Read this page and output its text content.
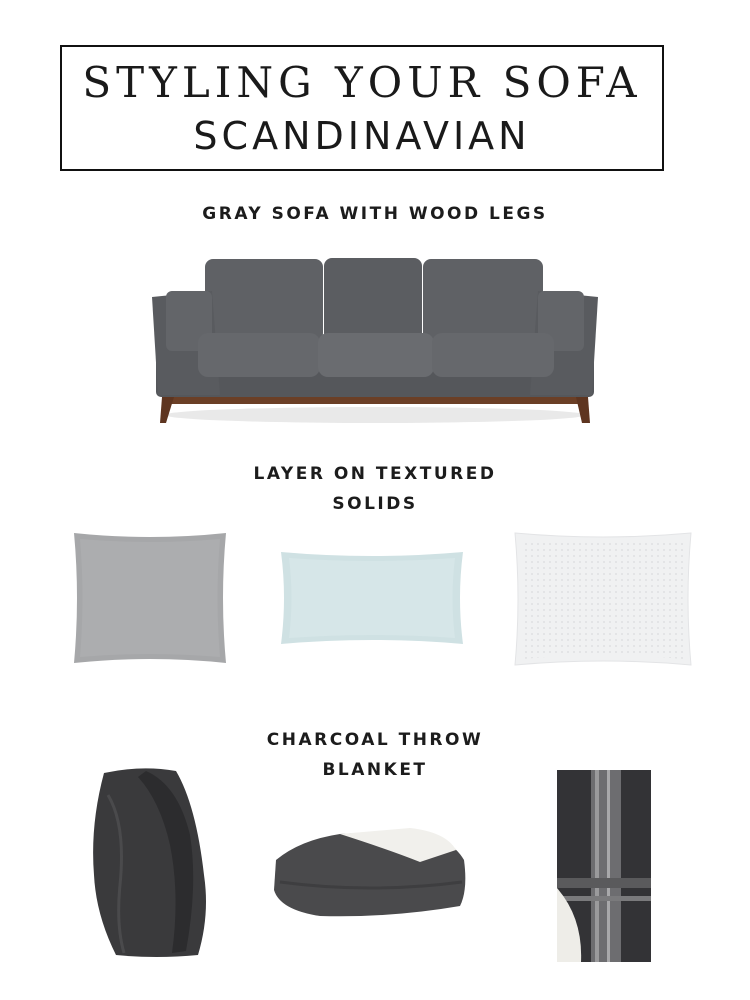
STYLING YOUR SOFA
SCANDINAVIAN
GRAY SOFA WITH WOOD LEGS
LAYER ON TEXTURED
SOLIDS
CHARCOAL THROW
BLANKET
